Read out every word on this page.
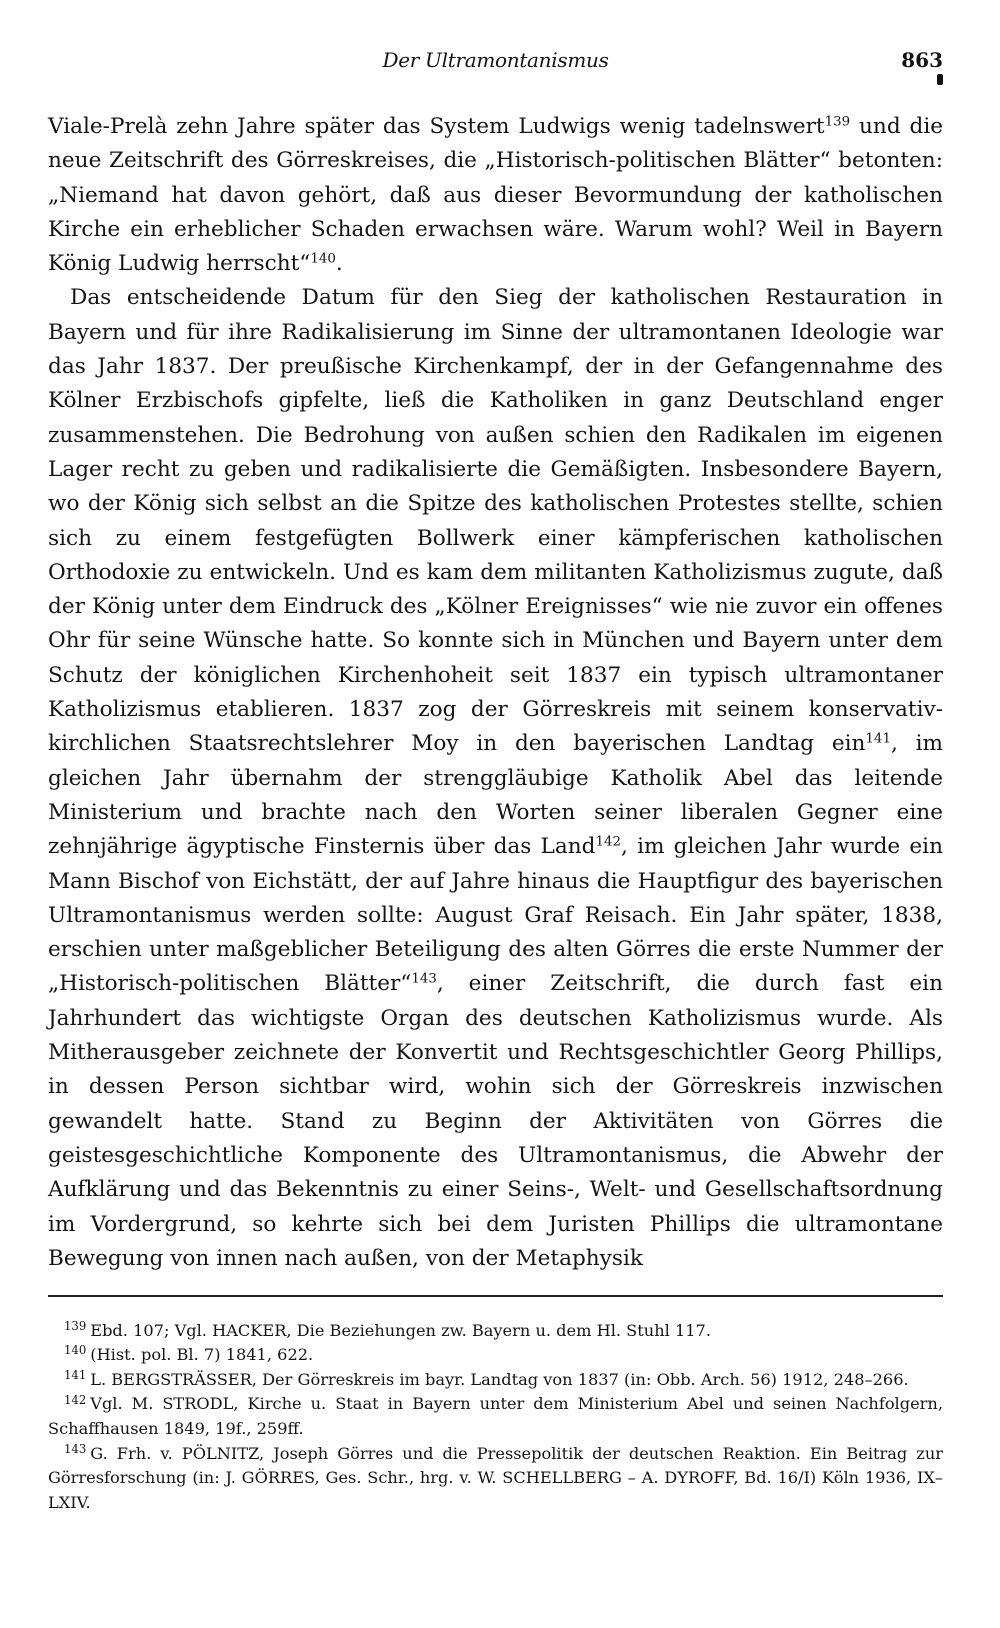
Der Ultramontanismus	863

Viale-Prelà zehn Jahre später das System Ludwigs wenig tadelnswert$^{139}$ und die neue Zeitschrift des Görreskreises, die „Historisch-politischen Blätter“ betonten: „Niemand hat davon gehört, daß aus dieser Bevormundung der katholischen Kirche ein erheblicher Schaden erwachsen wäre. Warum wohl? Weil in Bayern König Ludwig herrscht“$^{140}$.

Das entscheidende Datum für den Sieg der katholischen Restauration in Bayern und für ihre Radikalisierung im Sinne der ultramontanen Ideologie war das Jahr 1837. Der preußische Kirchenkampf, der in der Gefangennahme des Kölner Erzbischofs gipfelte, ließ die Katholiken in ganz Deutschland enger zusammenstehen. Die Bedrohung von außen schien den Radikalen im eigenen Lager recht zu geben und radikalisierte die Gemäßigten. Insbesondere Bayern, wo der König sich selbst an die Spitze des katholischen Protestes stellte, schien sich zu einem festgefügten Bollwerk einer kämpferischen katholischen Orthodoxie zu entwickeln. Und es kam dem militanten Katholizismus zugute, daß der König unter dem Eindruck des „Kölner Ereignisses“ wie nie zuvor ein offenes Ohr für seine Wünsche hatte. So konnte sich in München und Bayern unter dem Schutz der königlichen Kirchenhoheit seit 1837 ein typisch ultramontaner Katholizismus etablieren. 1837 zog der Görreskreis mit seinem konservativ-kirchlichen Staatsrechtslehrer Moy in den bayerischen Landtag ein$^{141}$, im gleichen Jahr übernahm der strenggläubige Katholik Abel das leitende Ministerium und brachte nach den Worten seiner liberalen Gegner eine zehnjährige ägyptische Finsternis über das Land$^{142}$, im gleichen Jahr wurde ein Mann Bischof von Eichstätt, der auf Jahre hinaus die Hauptfigur des bayerischen Ultramontanismus werden sollte: August Graf Reisach. Ein Jahr später, 1838, erschien unter maßgeblicher Beteiligung des alten Görres die erste Nummer der „Historisch-politischen Blätter“$^{143}$, einer Zeitschrift, die durch fast ein Jahrhundert das wichtigste Organ des deutschen Katholizismus wurde. Als Mitherausgeber zeichnete der Konvertit und Rechtsgeschichtler Georg Phillips, in dessen Person sichtbar wird, wohin sich der Görreskreis inzwischen gewandelt hatte. Stand zu Beginn der Aktivitäten von Görres die geistesgeschichtliche Komponente des Ultramontanismus, die Abwehr der Aufklärung und das Bekenntnis zu einer Seins-, Welt- und Gesellschaftsordnung im Vordergrund, so kehrte sich bei dem Juristen Phillips die ultramontane Bewegung von innen nach außen, von der Metaphysik

$^{139}$ Ebd. 107; Vgl. HACKER, Die Beziehungen zw. Bayern u. dem Hl. Stuhl 117.

$^{140}$ (Hist. pol. Bl. 7) 1841, 622.

$^{141}$ L. BERGSTRÄSSER, Der Görreskreis im bayr. Landtag von 1837 (in: Obb. Arch. 56) 1912, 248–266.

$^{142}$ Vgl. M. STRODL, Kirche u. Staat in Bayern unter dem Ministerium Abel und seinen Nachfolgern, Schaffhausen 1849, 19f., 259ff.

$^{143}$ G. Frh. v. PÖLNITZ, Joseph Görres und die Pressepolitik der deutschen Reaktion. Ein Beitrag zur Görresforschung (in: J. GÖRRES, Ges. Schr., hrg. v. W. SCHELLBERG – A. DYROFF, Bd. 16/I) Köln 1936, IX–LXIV.
